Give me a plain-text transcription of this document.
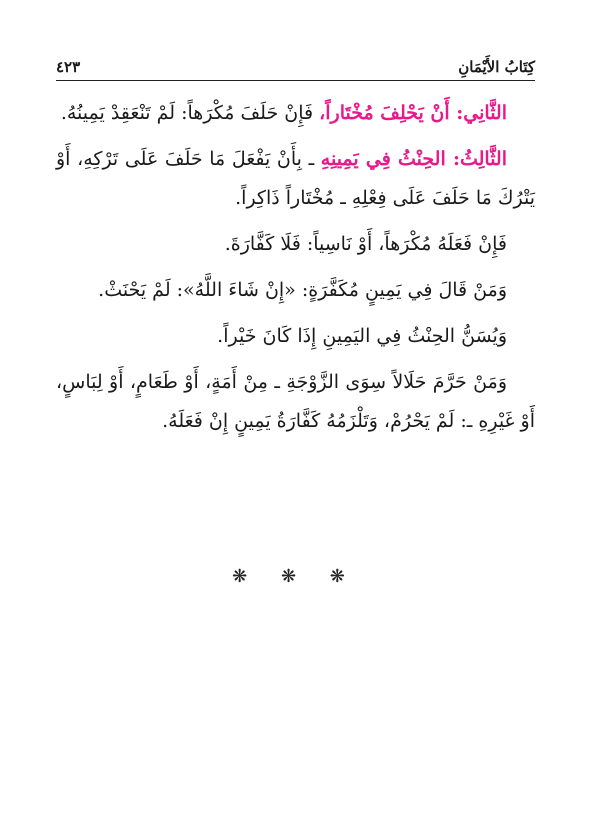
كِتَابُ الأَيْمَانِ
٤٢٣

الثَّانِي: أَنْ يَحْلِفَ مُخْتَاراً، فَإِنْ حَلَفَ مُكْرَهاً: لَمْ تَنْعَقِدْ يَمِينُهُ.

الثَّالِثُ: الحِنْثُ فِي يَمِينِهِ ـ بِأَنْ يَفْعَلَ مَا حَلَفَ عَلَى تَرْكِهِ، أَوْ يَتْرُكَ مَا حَلَفَ عَلَى فِعْلِهِ ـ مُخْتَاراً ذَاكِراً.

فَإِنْ فَعَلَهُ مُكْرَهاً، أَوْ نَاسِياً: فَلَا كَفَّارَةَ.

وَمَنْ قَالَ فِي يَمِينٍ مُكَفَّرَةٍ: «إِنْ شَاءَ اللَّهُ»: لَمْ يَحْنَثْ.

وَيُسَنُّ الحِنْثُ فِي اليَمِينِ إِذَا كَانَ خَيْراً.

وَمَنْ حَرَّمَ حَلَالاً سِوَى الزَّوْجَةِ ـ مِنْ أَمَةٍ، أَوْ طَعَامٍ، أَوْ لِبَاسٍ، أَوْ غَيْرِهِ ـ: لَمْ يَحْرُمْ، وَتَلْزَمُهُ كَفَّارَةُ يَمِينٍ إِنْ فَعَلَهُ.

❋ ❋ ❋
